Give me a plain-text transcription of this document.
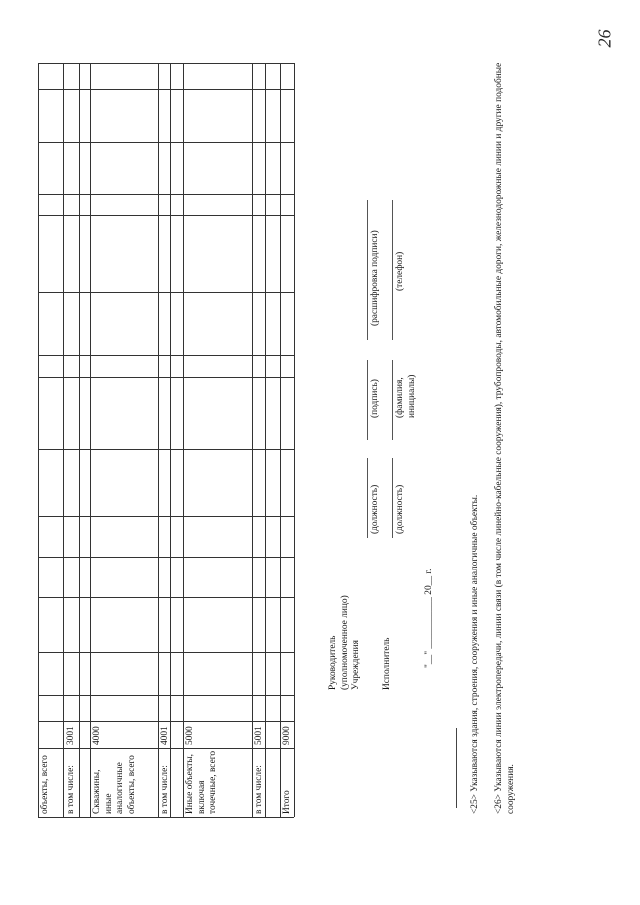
26
объекты, всего в том числе:
3001
Скважины, иные аналогичные объекты, всего
4000
в том числе:
4001
Иные объекты, включая точечные, всего
5000
в том числе:
5001
Итого
9000
Руководитель (уполномоченное лицо) Учреждения Исполнитель
(должность)
(подпись)
(расшифровка подписи)
(должность)
(фамилия, инициалы)
(телефон)
"__" ___________ 20__ г.	<25> Указываются здания, строения, сооружения и иные аналогичные объекты. <26> Указываются линии электропередачи, линии связи (в том числе линейно-кабельные сооружения), трубопроводы, автомобильные дороги, железнодорожные линии и другие подобные сооружения.
